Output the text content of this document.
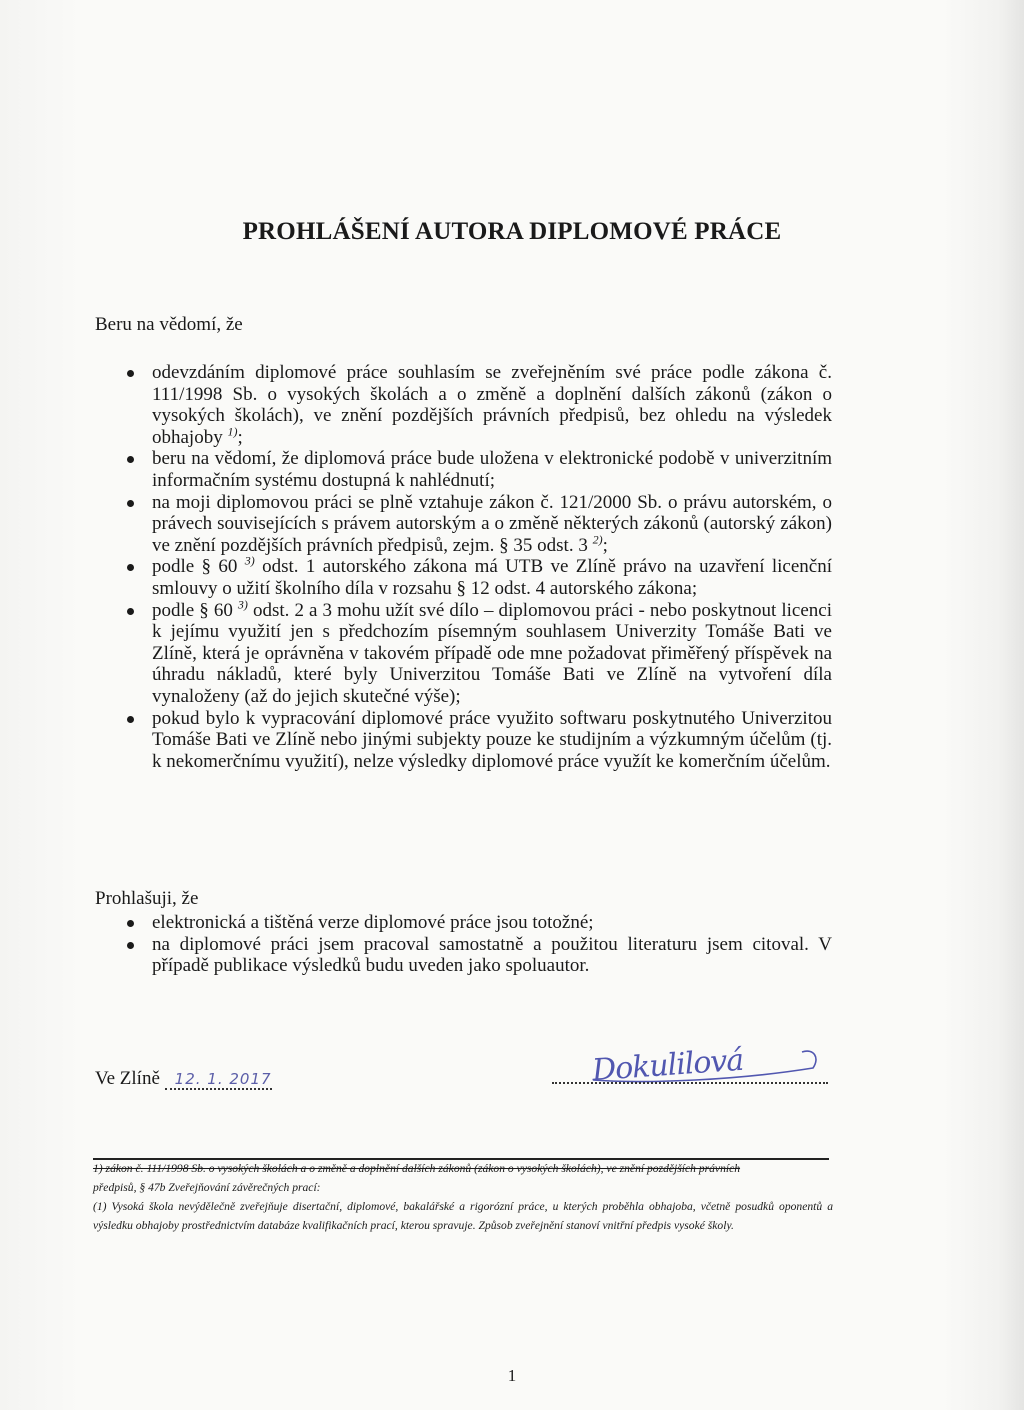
PROHLÁŠENÍ AUTORA DIPLOMOVÉ PRÁCE
Beru na vědomí, že
odevzdáním diplomové práce souhlasím se zveřejněním své práce podle zákona č. 111/1998 Sb. o vysokých školách a o změně a doplnění dalších zákonů (zákon o vysokých školách), ve znění pozdějších právních předpisů, bez ohledu na výsledek obhajoby $^{1)}$;
beru na vědomí, že diplomová práce bude uložena v elektronické podobě v univerzitním informačním systému dostupná k nahlédnutí;
na moji diplomovou práci se plně vztahuje zákon č. 121/2000 Sb. o právu autorském, o právech souvisejících s právem autorským a o změně některých zákonů (autorský zákon) ve znění pozdějších právních předpisů, zejm. § 35 odst. 3 $^{2)}$;
podle § 60 $^{3)}$ odst. 1 autorského zákona má UTB ve Zlíně právo na uzavření licenční smlouvy o užití školního díla v rozsahu § 12 odst. 4 autorského zákona;
podle § 60 $^{3)}$ odst. 2 a 3 mohu užít své dílo – diplomovou práci - nebo poskytnout licenci k jejímu využití jen s předchozím písemným souhlasem Univerzity Tomáše Bati ve Zlíně, která je oprávněna v takovém případě ode mne požadovat přiměřený příspěvek na úhradu nákladů, které byly Univerzitou Tomáše Bati ve Zlíně na vytvoření díla vynaloženy (až do jejich skutečné výše);
pokud bylo k vypracování diplomové práce využito softwaru poskytnutého Univerzitou Tomáše Bati ve Zlíně nebo jinými subjekty pouze ke studijním a výzkumným účelům (tj. k nekomerčnímu využití), nelze výsledky diplomové práce využít ke komerčním účelům.
Prohlašuji, že
elektronická a tištěná verze diplomové práce jsou totožné;
na diplomové práci jsem pracoval samostatně a použitou literaturu jsem citoval. V případě publikace výsledků budu uveden jako spoluautor.
Ve Zlíně 12. 1. 2017	Dokulilová

1) zákon č. 111/1998 Sb. o vysokých školách a o změně a doplnění dalších zákonů (zákon o vysokých školách), ve znění pozdějších právních

předpisů, § 47b Zveřejňování závěrečných prací:

(1) Vysoká škola nevýdělečně zveřejňuje disertační, diplomové, bakalářské a rigorózní práce, u kterých proběhla obhajoba, včetně posudků oponentů a výsledku obhajoby prostřednictvím databáze kvalifikačních prací, kterou spravuje. Způsob zveřejnění stanoví vnitřní předpis vysoké školy.

1
